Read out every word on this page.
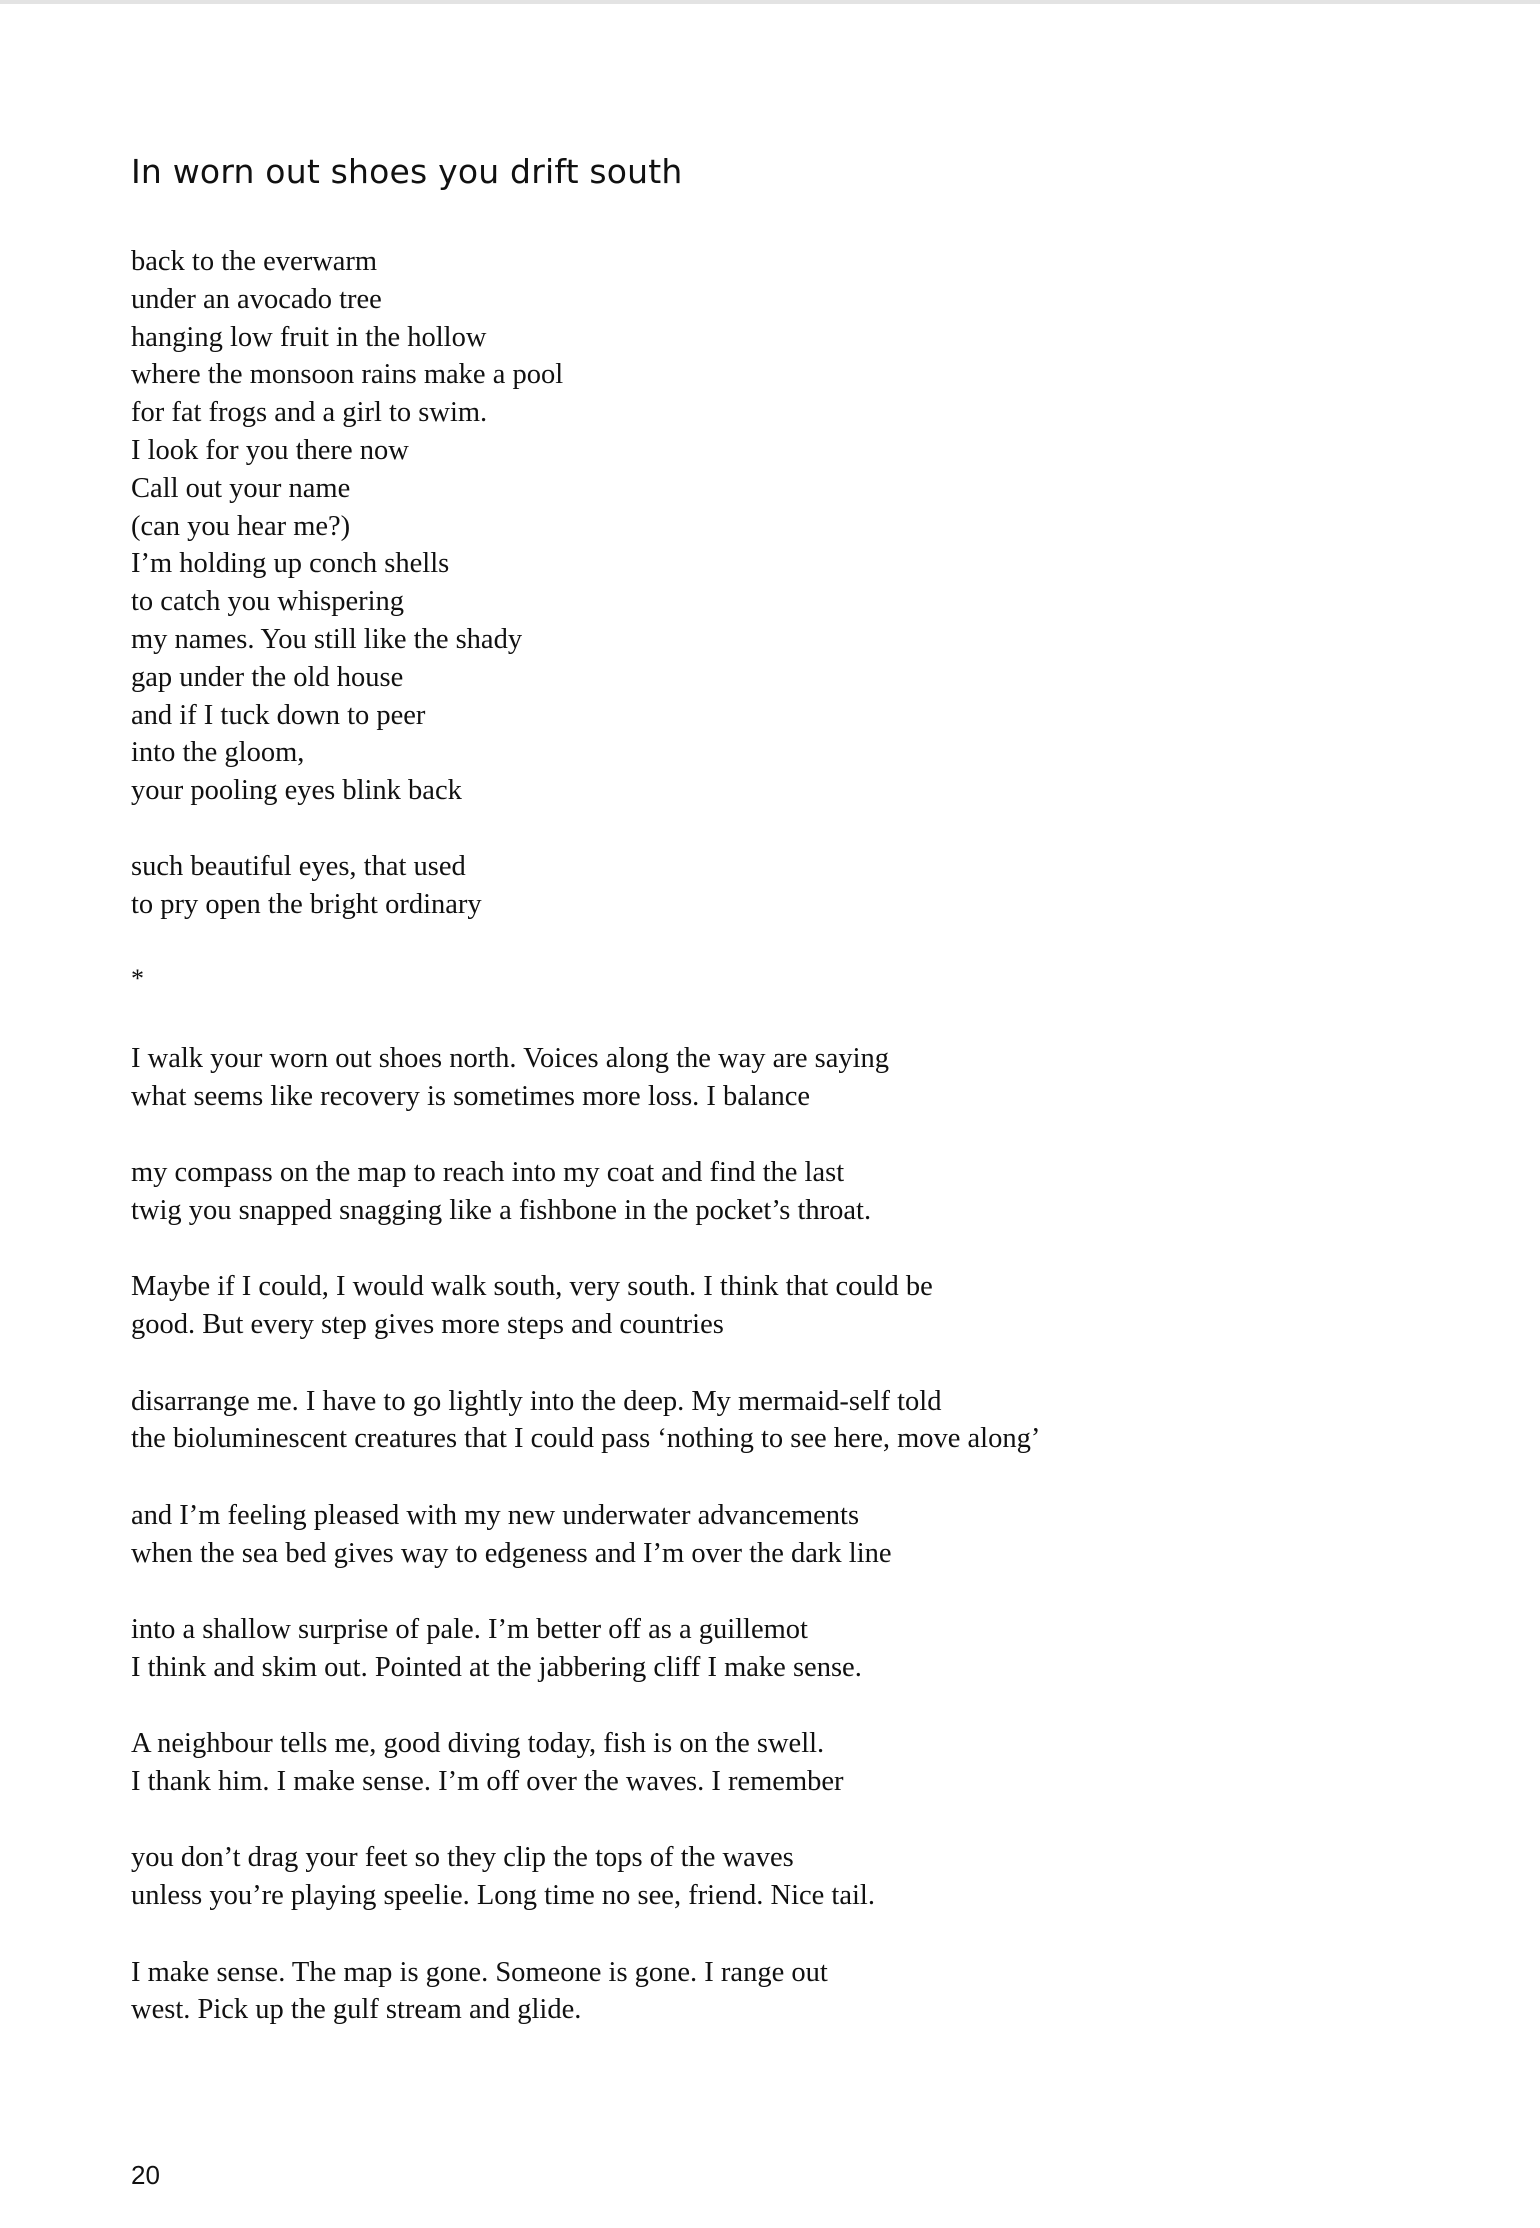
In worn out shoes you drift south
back to the everwarm
under an avocado tree
hanging low fruit in the hollow
where the monsoon rains make a pool
for fat frogs and a girl to swim.
I look for you there now
Call out your name
(can you hear me?)
I’m holding up conch shells
to catch you whispering
my names. You still like the shady
gap under the old house
and if I tuck down to peer
into the gloom,
your pooling eyes blink back
such beautiful eyes, that used
to pry open the bright ordinary
*
I walk your worn out shoes north. Voices along the way are saying
what seems like recovery is sometimes more loss. I balance
my compass on the map to reach into my coat and find the last
twig you snapped snagging like a fishbone in the pocket’s throat.
Maybe if I could, I would walk south, very south. I think that could be
good. But every step gives more steps and countries
disarrange me. I have to go lightly into the deep. My mermaid-self told
the bioluminescent creatures that I could pass ‘nothing to see here, move along’
and I’m feeling pleased with my new underwater advancements
when the sea bed gives way to edgeness and I’m over the dark line
into a shallow surprise of pale. I’m better off as a guillemot
I think and skim out. Pointed at the jabbering cliff I make sense.
A neighbour tells me, good diving today, fish is on the swell.
I thank him. I make sense. I’m off over the waves. I remember
you don’t drag your feet so they clip the tops of the waves
unless you’re playing speelie. Long time no see, friend. Nice tail.
I make sense. The map is gone. Someone is gone. I range out
west. Pick up the gulf stream and glide.
20
